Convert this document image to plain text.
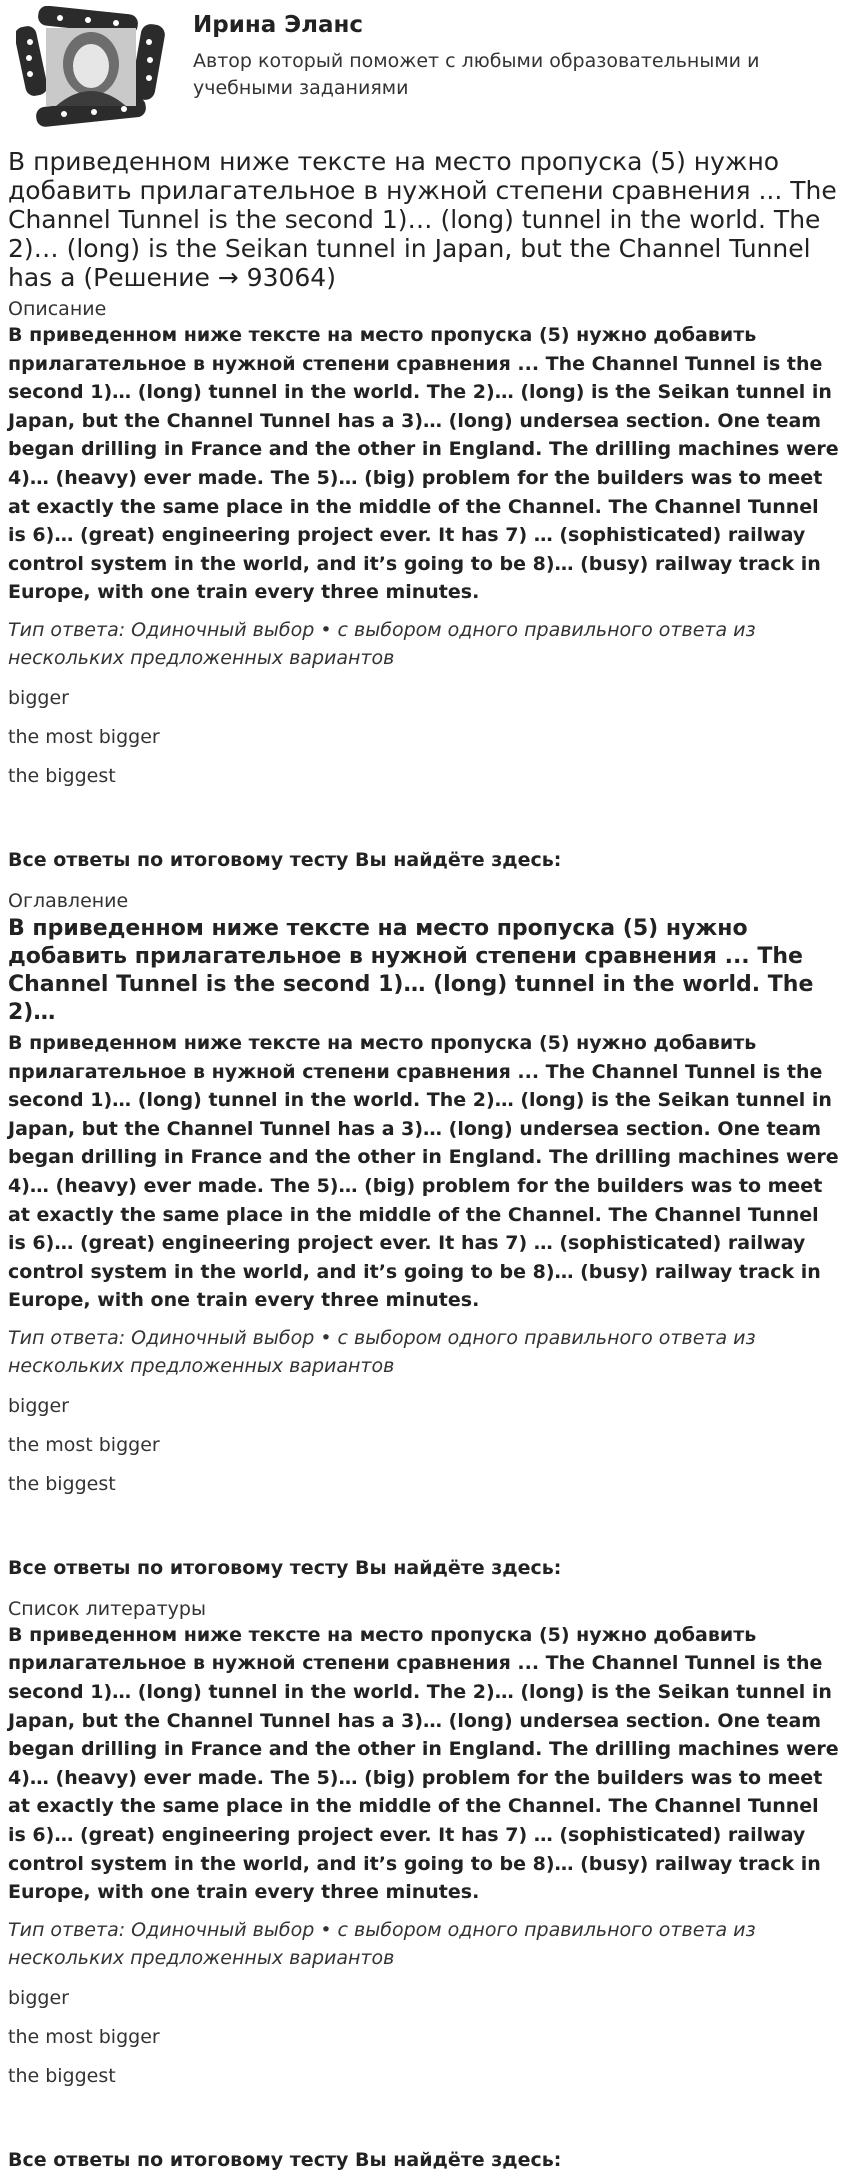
Ирина Эланс
Автор который поможет с любыми образовательными и учебными заданиями
В приведенном ниже тексте на место пропуска (5) нужно добавить прилагательное в нужной степени сравнения ... The Channel Tunnel is the second 1)… (long) tunnel in the world. The 2)… (long) is the Seikan tunnel in Japan, but the Channel Tunnel has a (Решение → 93064)
Описание
В приведенном ниже тексте на место пропуска (5) нужно добавить прилагательное в нужной степени сравнения ... The Channel Tunnel is the second 1)… (long) tunnel in the world. The 2)… (long) is the Seikan tunnel in Japan, but the Channel Tunnel has a 3)… (long) undersea section. One team began drilling in France and the other in England. The drilling machines were 4)… (heavy) ever made. The 5)… (big) problem for the builders was to meet at exactly the same place in the middle of the Channel. The Channel Tunnel is 6)… (great) engineering project ever. It has 7) … (sophisticated) railway control system in the world, and it’s going to be 8)… (busy) railway track in Europe, with one train every three minutes.
Тип ответа: Одиночный выбор • с выбором одного правильного ответа из нескольких предложенных вариантов
bigger
the most bigger
the biggest
Все ответы по итоговому тесту Вы найдёте здесь:
Оглавление
В приведенном ниже тексте на место пропуска (5) нужно добавить прилагательное в нужной степени сравнения ... The Channel Tunnel is the second 1)… (long) tunnel in the world. The 2)…
В приведенном ниже тексте на место пропуска (5) нужно добавить прилагательное в нужной степени сравнения ... The Channel Tunnel is the second 1)… (long) tunnel in the world. The 2)… (long) is the Seikan tunnel in Japan, but the Channel Tunnel has a 3)… (long) undersea section. One team began drilling in France and the other in England. The drilling machines were 4)… (heavy) ever made. The 5)… (big) problem for the builders was to meet at exactly the same place in the middle of the Channel. The Channel Tunnel is 6)… (great) engineering project ever. It has 7) … (sophisticated) railway control system in the world, and it’s going to be 8)… (busy) railway track in Europe, with one train every three minutes.
Тип ответа: Одиночный выбор • с выбором одного правильного ответа из нескольких предложенных вариантов
bigger
the most bigger
the biggest
Все ответы по итоговому тесту Вы найдёте здесь:
Список литературы
В приведенном ниже тексте на место пропуска (5) нужно добавить прилагательное в нужной степени сравнения ... The Channel Tunnel is the second 1)… (long) tunnel in the world. The 2)… (long) is the Seikan tunnel in Japan, but the Channel Tunnel has a 3)… (long) undersea section. One team began drilling in France and the other in England. The drilling machines were 4)… (heavy) ever made. The 5)… (big) problem for the builders was to meet at exactly the same place in the middle of the Channel. The Channel Tunnel is 6)… (great) engineering project ever. It has 7) … (sophisticated) railway control system in the world, and it’s going to be 8)… (busy) railway track in Europe, with one train every three minutes.
Тип ответа: Одиночный выбор • с выбором одного правильного ответа из нескольких предложенных вариантов
bigger
the most bigger
the biggest
Все ответы по итоговому тесту Вы найдёте здесь:
